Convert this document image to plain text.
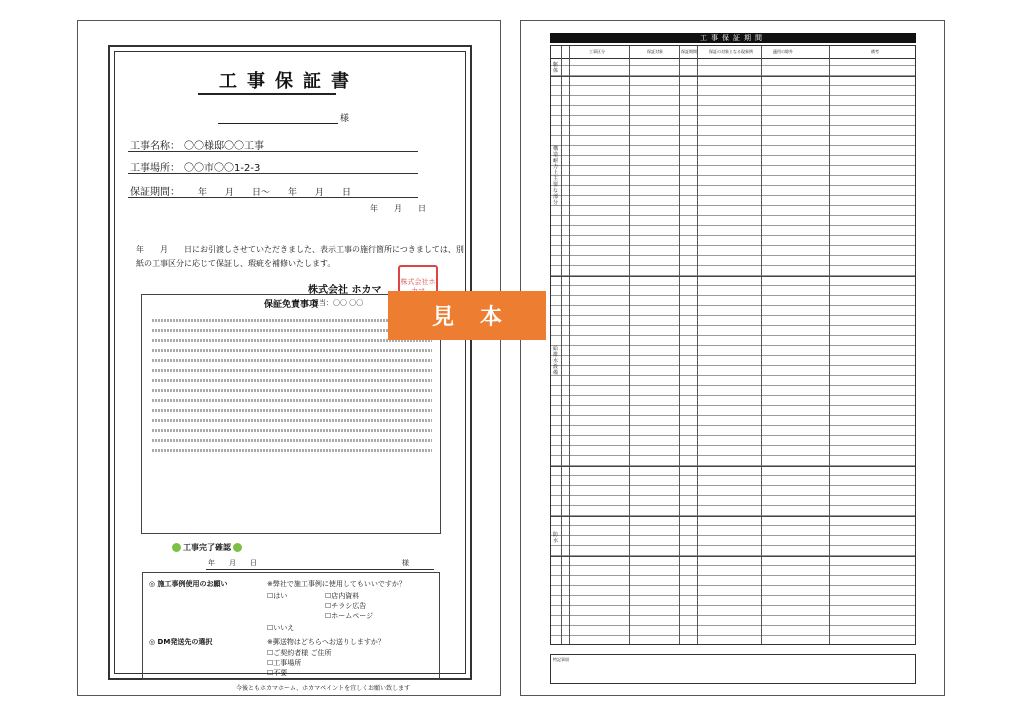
工事保証書
様
工事名称： 〇〇様邸〇〇工事
工事場所： 〇〇市〇〇1-2-3
保証期間： 年　　月　　日〜　　年　　月　　日
年　　月　　日
年　　月　　日にお引渡しさせていただきました、表示工事の施行箇所につきましては、別紙の工事区分に応じて保証し、瑕疵を補修いたします。
株式会社 ホカマ
担当：〇〇 〇〇
株式会社ホ
保証免責事項
工事完了確認
年　　月　　日	様
◎ 施工事例使用のお願い	※弊社で施工事例に使用してもいいですか？
☐はい	☐店内資料
☐チラシ広告
☐ホームページ
☐いいえ
◎ DM発送先の選択	※郵送物はどちらへお送りしますか？
☐ご契約者様 ご住所
☐工事場所
☐不要
今後ともホカマホーム、ホカマペイントを宜しくお願い致します
工事保証期間
工事区分	保証対象	保証期間	保証の対象となる現象例	適用の除外	備考
躯体
構造耐力上主要な部分
給排水設備
防水
特記事項
見本
